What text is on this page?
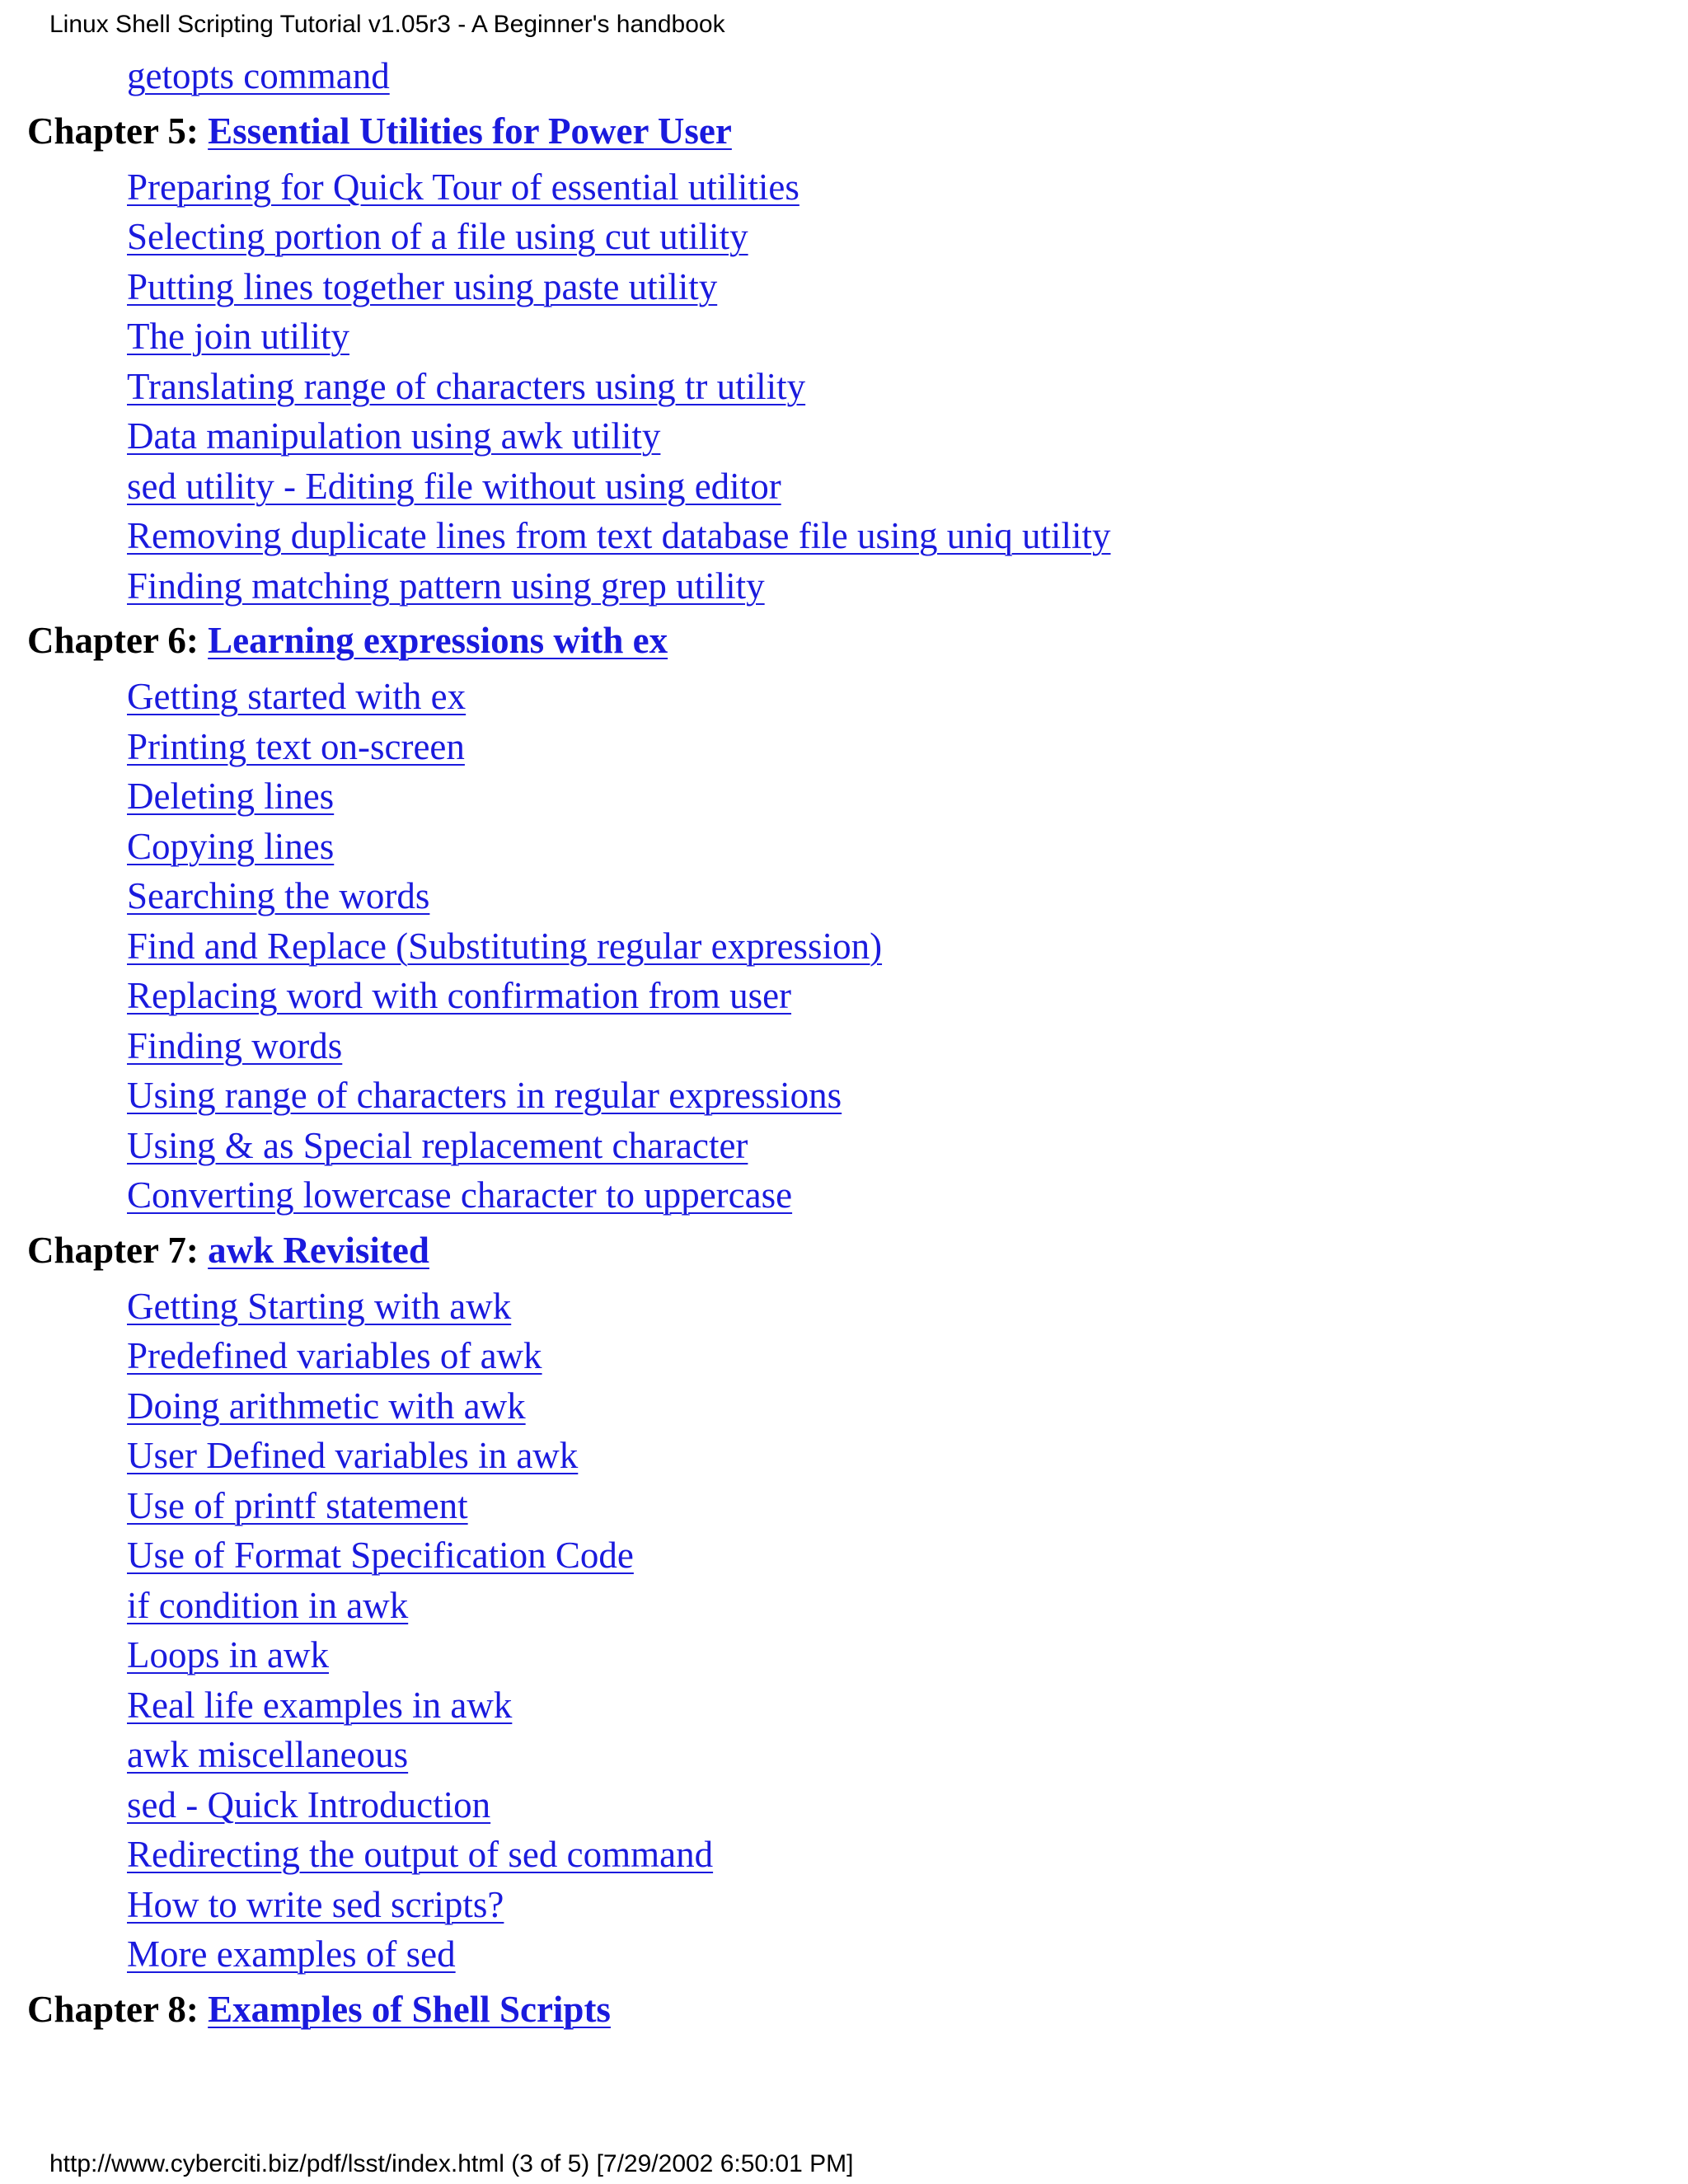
Linux Shell Scripting Tutorial v1.05r3 - A Beginner's handbook
getopts command
Chapter 5: Essential Utilities for Power User
Preparing for Quick Tour of essential utilities
Selecting portion of a file using cut utility
Putting lines together using paste utility
The join utility
Translating range of characters using tr utility
Data manipulation using awk utility
sed utility - Editing file without using editor
Removing duplicate lines from text database file using uniq utility
Finding matching pattern using grep utility
Chapter 6: Learning expressions with ex
Getting started with ex
Printing text on-screen
Deleting lines
Copying lines
Searching the words
Find and Replace (Substituting regular expression)
Replacing word with confirmation from user
Finding words
Using range of characters in regular expressions
Using & as Special replacement character
Converting lowercase character to uppercase
Chapter 7: awk Revisited
Getting Starting with awk
Predefined variables of awk
Doing arithmetic with awk
User Defined variables in awk
Use of printf statement
Use of Format Specification Code
if condition in awk
Loops in awk
Real life examples in awk
awk miscellaneous
sed - Quick Introduction
Redirecting the output of sed command
How to write sed scripts?
More examples of sed
Chapter 8: Examples of Shell Scripts
http://www.cyberciti.biz/pdf/lsst/index.html (3 of 5) [7/29/2002 6:50:01 PM]
